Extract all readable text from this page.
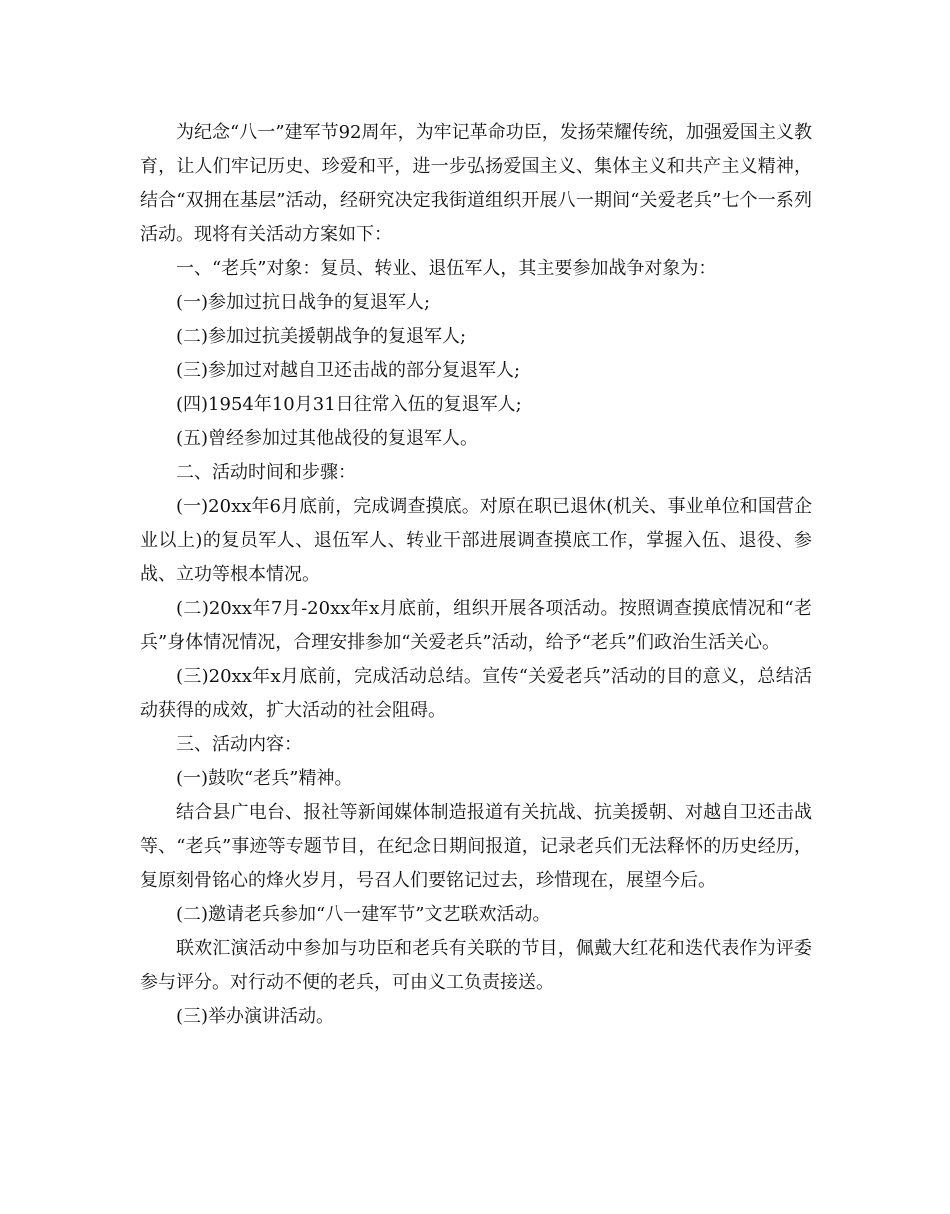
为纪念“八一”建军节92周年，为牢记革命功臣，发扬荣耀传统，加强爱国主义教育，让人们牢记历史、珍爱和平，进一步弘扬爱国主义、集体主义和共产主义精神，结合“双拥在基层”活动，经研究决定我街道组织开展八一期间“关爱老兵”七个一系列活动。现将有关活动方案如下：

一、“老兵”对象：复员、转业、退伍军人，其主要参加战争对象为：

(一)参加过抗日战争的复退军人;

(二)参加过抗美援朝战争的复退军人;

(三)参加过对越自卫还击战的部分复退军人;

(四)1954年10月31日往常入伍的复退军人;

(五)曾经参加过其他战役的复退军人。

二、活动时间和步骤：

(一)20xx年6月底前，完成调查摸底。对原在职已退休(机关、事业单位和国营企业以上)的复员军人、退伍军人、转业干部进展调查摸底工作，掌握入伍、退役、参战、立功等根本情况。

(二)20xx年7月-20xx年x月底前，组织开展各项活动。按照调查摸底情况和“老兵”身体情况情况，合理安排参加“关爱老兵”活动，给予“老兵”们政治生活关心。

(三)20xx年x月底前，完成活动总结。宣传“关爱老兵”活动的目的意义，总结活动获得的成效，扩大活动的社会阻碍。

三、活动内容：

(一)鼓吹“老兵”精神。

结合县广电台、报社等新闻媒体制造报道有关抗战、抗美援朝、对越自卫还击战等、“老兵”事迹等专题节目，在纪念日期间报道，记录老兵们无法释怀的历史经历，复原刻骨铭心的烽火岁月，号召人们要铭记过去，珍惜现在，展望今后。

(二)邀请老兵参加“八一建军节”文艺联欢活动。

联欢汇演活动中参加与功臣和老兵有关联的节目，佩戴大红花和迭代表作为评委参与评分。对行动不便的老兵，可由义工负责接送。

(三)举办演讲活动。
